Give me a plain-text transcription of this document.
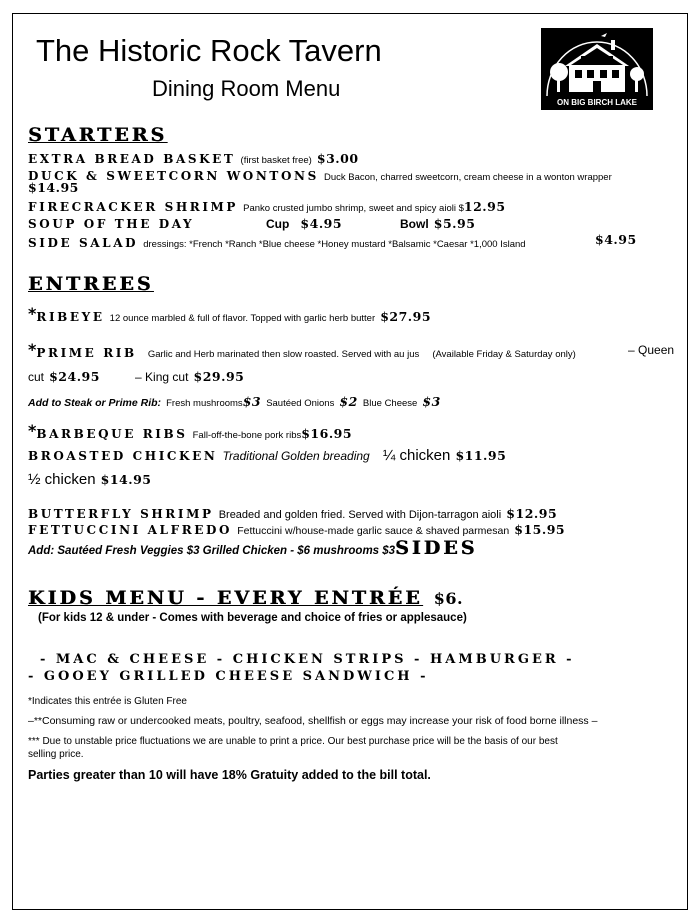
The Historic Rock Tavern
Dining Room Menu
ON BIG BIRCH LAKE
STARTERS
EXTRA BREAD BASKET (first basket free) $3.00
DUCK & SWEETCORN WONTONS Duck Bacon, charred sweetcorn, cream cheese in a wonton wrapper
$14.95
FIRECRACKER SHRIMP Panko crusted jumbo shrimp, sweet and spicy aioli $12.95
SOUP OF THE DAY	Cup $4.95	Bowl $5.95
SIDE SALAD dressings: *French *Ranch *Blue cheese *Honey mustard *Balsamic *Caesar *1,000 Island	$4.95
ENTREES
*RIBEYE 12 ounce marbled & full of flavor. Topped with garlic herb butter $27.95
*PRIME RIB Garlic and Herb marinated then slow roasted. Served with au jus (Available Friday & Saturday only)	– Queen
cut $24.95	– King cut $29.95
Add to Steak or Prime Rib: Fresh mushrooms$3 Sautéed Onions $2 Blue Cheese $3
*BARBEQUE RIBS Fall-off-the-bone pork ribs$16.95
BROASTED CHICKEN Traditional Golden breading ¼ chicken $11.95
½ chicken $14.95
BUTTERFLY SHRIMP Breaded and golden fried. Served with Dijon-tarragon aioli $12.95
FETTUCCINI ALFREDO Fettuccini w/house-made garlic sauce & shaved parmesan $15.95
Add: Sautéed Fresh Veggies $3 Grilled Chicken - $6 mushrooms $3SIDES
KIDS MENU - EVERY ENTRÉE $6.
(For kids 12 & under - Comes with beverage and choice of fries or applesauce)
- MAC & CHEESE - CHICKEN STRIPS - HAMBURGER -
- GOOEY GRILLED CHEESE SANDWICH -
*Indicates this entrée is Gluten Free
–**Consuming raw or undercooked meats, poultry, seafood, shellfish or eggs may increase your risk of food borne illness –
*** Due to unstable price fluctuations we are unable to print a price. Our best purchase price will be the basis of our best
selling price.
Parties greater than 10 will have 18% Gratuity added to the bill total.
